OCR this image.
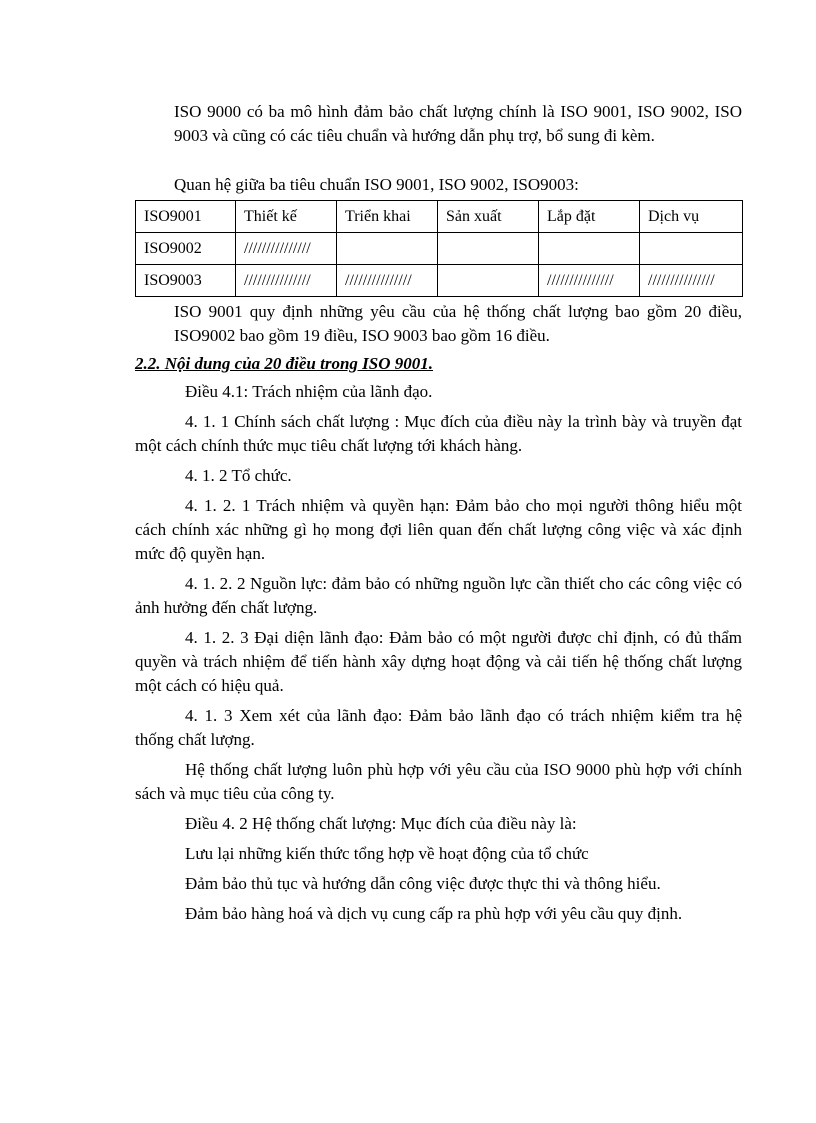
ISO 9000 có ba mô hình đảm bảo chất lượng chính là ISO 9001, ISO 9002, ISO 9003 và cũng có các tiêu chuẩn và hướng dẫn phụ trợ, bổ sung đi kèm.

Quan hệ giữa ba tiêu chuẩn ISO 9001, ISO 9002, ISO9003:

ISO9001	Thiết kế	Triển khai	Sản xuất	Lắp đặt	Dịch vụ
ISO9002	///////////////				
ISO9003	///////////////	///////////////		///////////////	///////////////

ISO 9001 quy định những yêu cầu của hệ thống chất lượng bao gồm 20 điều, ISO9002 bao gồm 19 điều, ISO 9003 bao gồm 16 điều.

2.2. Nội dung của 20 điều trong ISO 9001.

Điều 4.1: Trách nhiệm của lãnh đạo.

4. 1. 1 Chính sách chất lượng : Mục đích của điều này la trình bày và truyền đạt một cách chính thức mục tiêu chất lượng tới khách hàng.

4. 1. 2 Tổ chức.

4. 1. 2. 1 Trách nhiệm và quyền hạn: Đảm bảo cho mọi người thông hiểu một cách chính xác những gì họ mong đợi liên quan đến chất lượng công việc và xác định mức độ quyền hạn.

4. 1. 2. 2 Nguồn lực: đảm bảo có những nguồn lực cần thiết cho các công việc có ảnh hưởng đến chất lượng.

4. 1. 2. 3 Đại diện lãnh đạo: Đảm bảo có một người được chỉ định, có đủ thẩm quyền và trách nhiệm để tiến hành xây dựng hoạt động và cải tiến hệ thống chất lượng một cách có hiệu quả.

4. 1. 3 Xem xét của lãnh đạo: Đảm bảo lãnh đạo có trách nhiệm kiểm tra hệ thống chất lượng.

Hệ thống chất lượng luôn phù hợp với yêu cầu của ISO 9000 phù hợp với chính sách và mục tiêu của công ty.

Điều 4. 2 Hệ thống chất lượng: Mục đích của điều này là:

Lưu lại những kiến thức tổng hợp về hoạt động của tổ chức

Đảm bảo thủ tục và hướng dẫn công việc được thực thi và thông hiểu.

Đảm bảo hàng hoá và dịch vụ cung cấp ra phù hợp với yêu cầu quy định.
